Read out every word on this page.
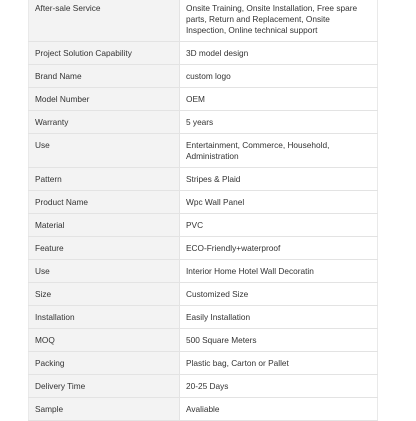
After-sale Service	Onsite Training, Onsite Installation, Free spare parts, Return and Replacement, Onsite Inspection, Online technical support
Project Solution Capability	3D model design
Brand Name	custom logo
Model Number	OEM
Warranty	5 years
Use	Entertainment, Commerce, Household, Administration
Pattern	Stripes & Plaid
Product Name	Wpc Wall Panel
Material	PVC
Feature	ECO-Friendly+waterproof
Use	Interior Home Hotel Wall Decoratin
Size	Customized Size
Installation	Easily Installation
MOQ	500 Square Meters
Packing	Plastic bag, Carton or Pallet
Delivery Time	20-25 Days
Sample	Avaliable
